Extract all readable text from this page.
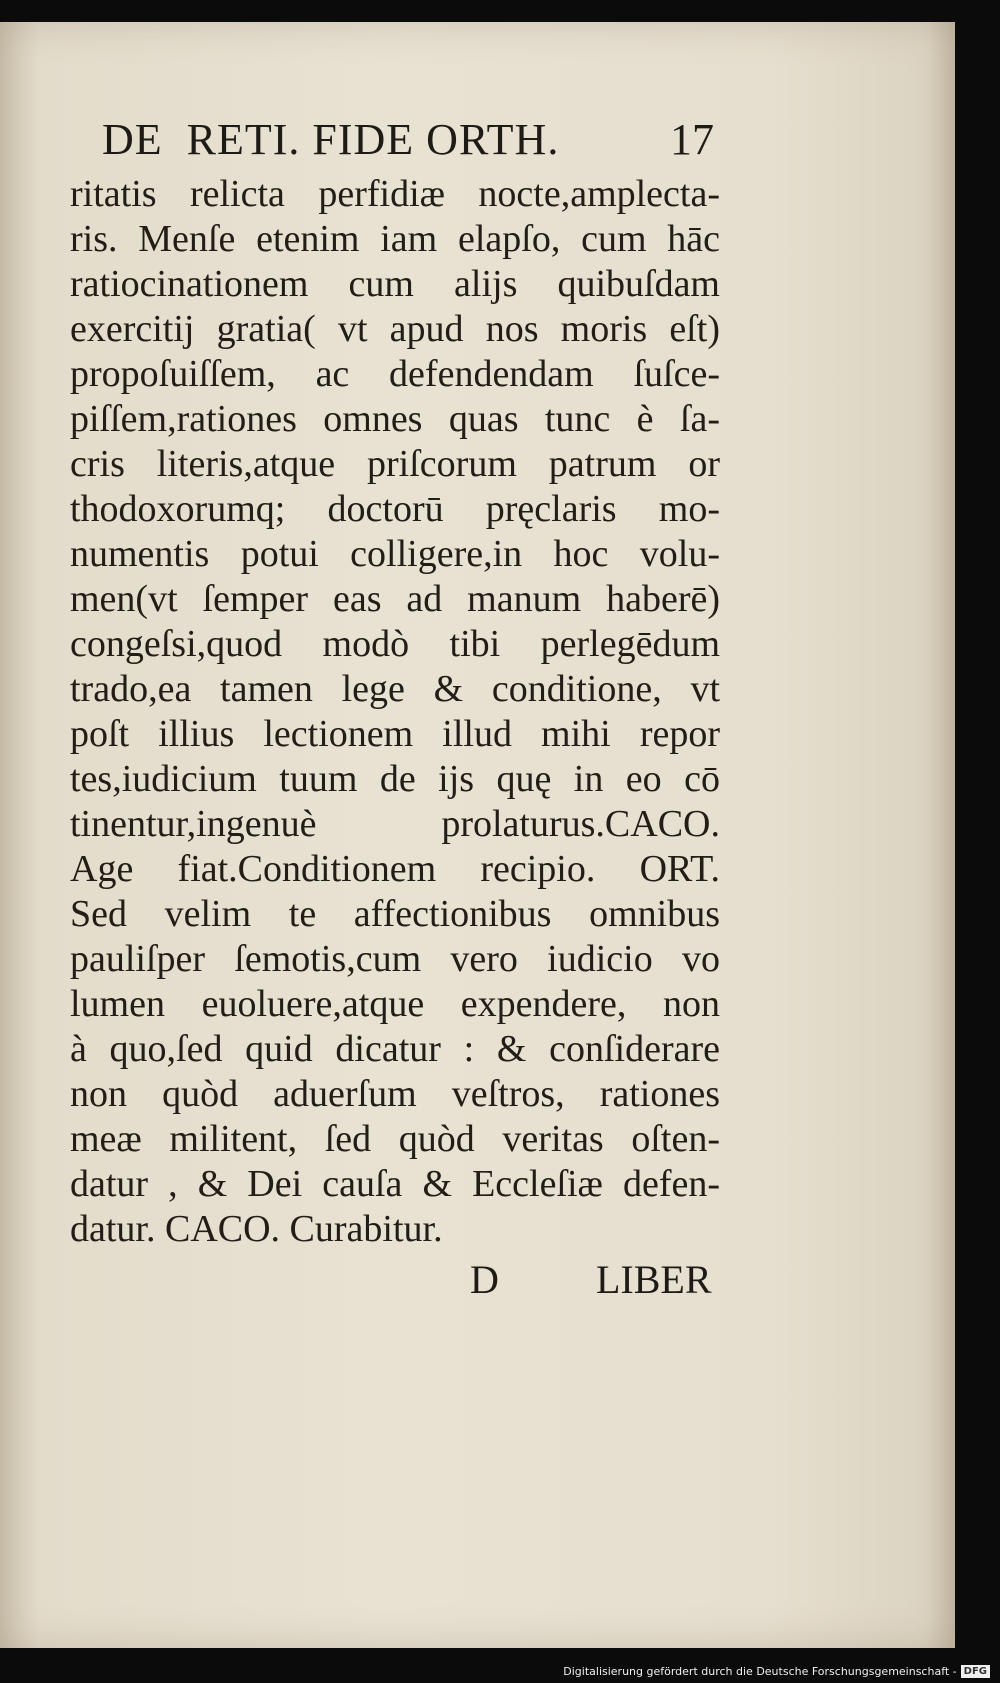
DE  RETI. FIDE ORTH.	17
ritatis relicta perfidiæ nocte,amplecta-
ris. Menſe etenim iam elapſo, cum hāc
ratiocinationem cum alijs quibuſdam
exercitij gratia( vt apud nos moris eſt)
propoſuiſſem, ac defendendam ſuſce-
piſſem,rationes omnes quas tunc è ſa-
cris literis,atque priſcorum patrum or
thodoxorumq; doctorū pręclaris mo-
numentis potui colligere,in hoc volu-
men(vt ſemper eas ad manum haberē)
congeſsi,quod modò tibi perlegēdum
trado,ea tamen lege & conditione, vt
poſt illius lectionem illud mihi repor
tes,iudicium tuum de ijs quę in eo cō
tinentur,ingenuè prolaturus.CACO.
Age fiat.Conditionem recipio. ORT.
Sed velim te affectionibus omnibus
pauliſper ſemotis,cum vero iudicio vo
lumen euoluere,atque expendere, non
à quo,ſed quid dicatur : & conſiderare
non quòd aduerſum veſtros, rationes
meæ militent, ſed quòd veritas oſten-
datur , & Dei cauſa & Eccleſiæ defen-
datur. CACO. Curabitur.
D LIBER
Digitalisierung gefördert durch die Deutsche Forschungsgemeinschaft - DFG
